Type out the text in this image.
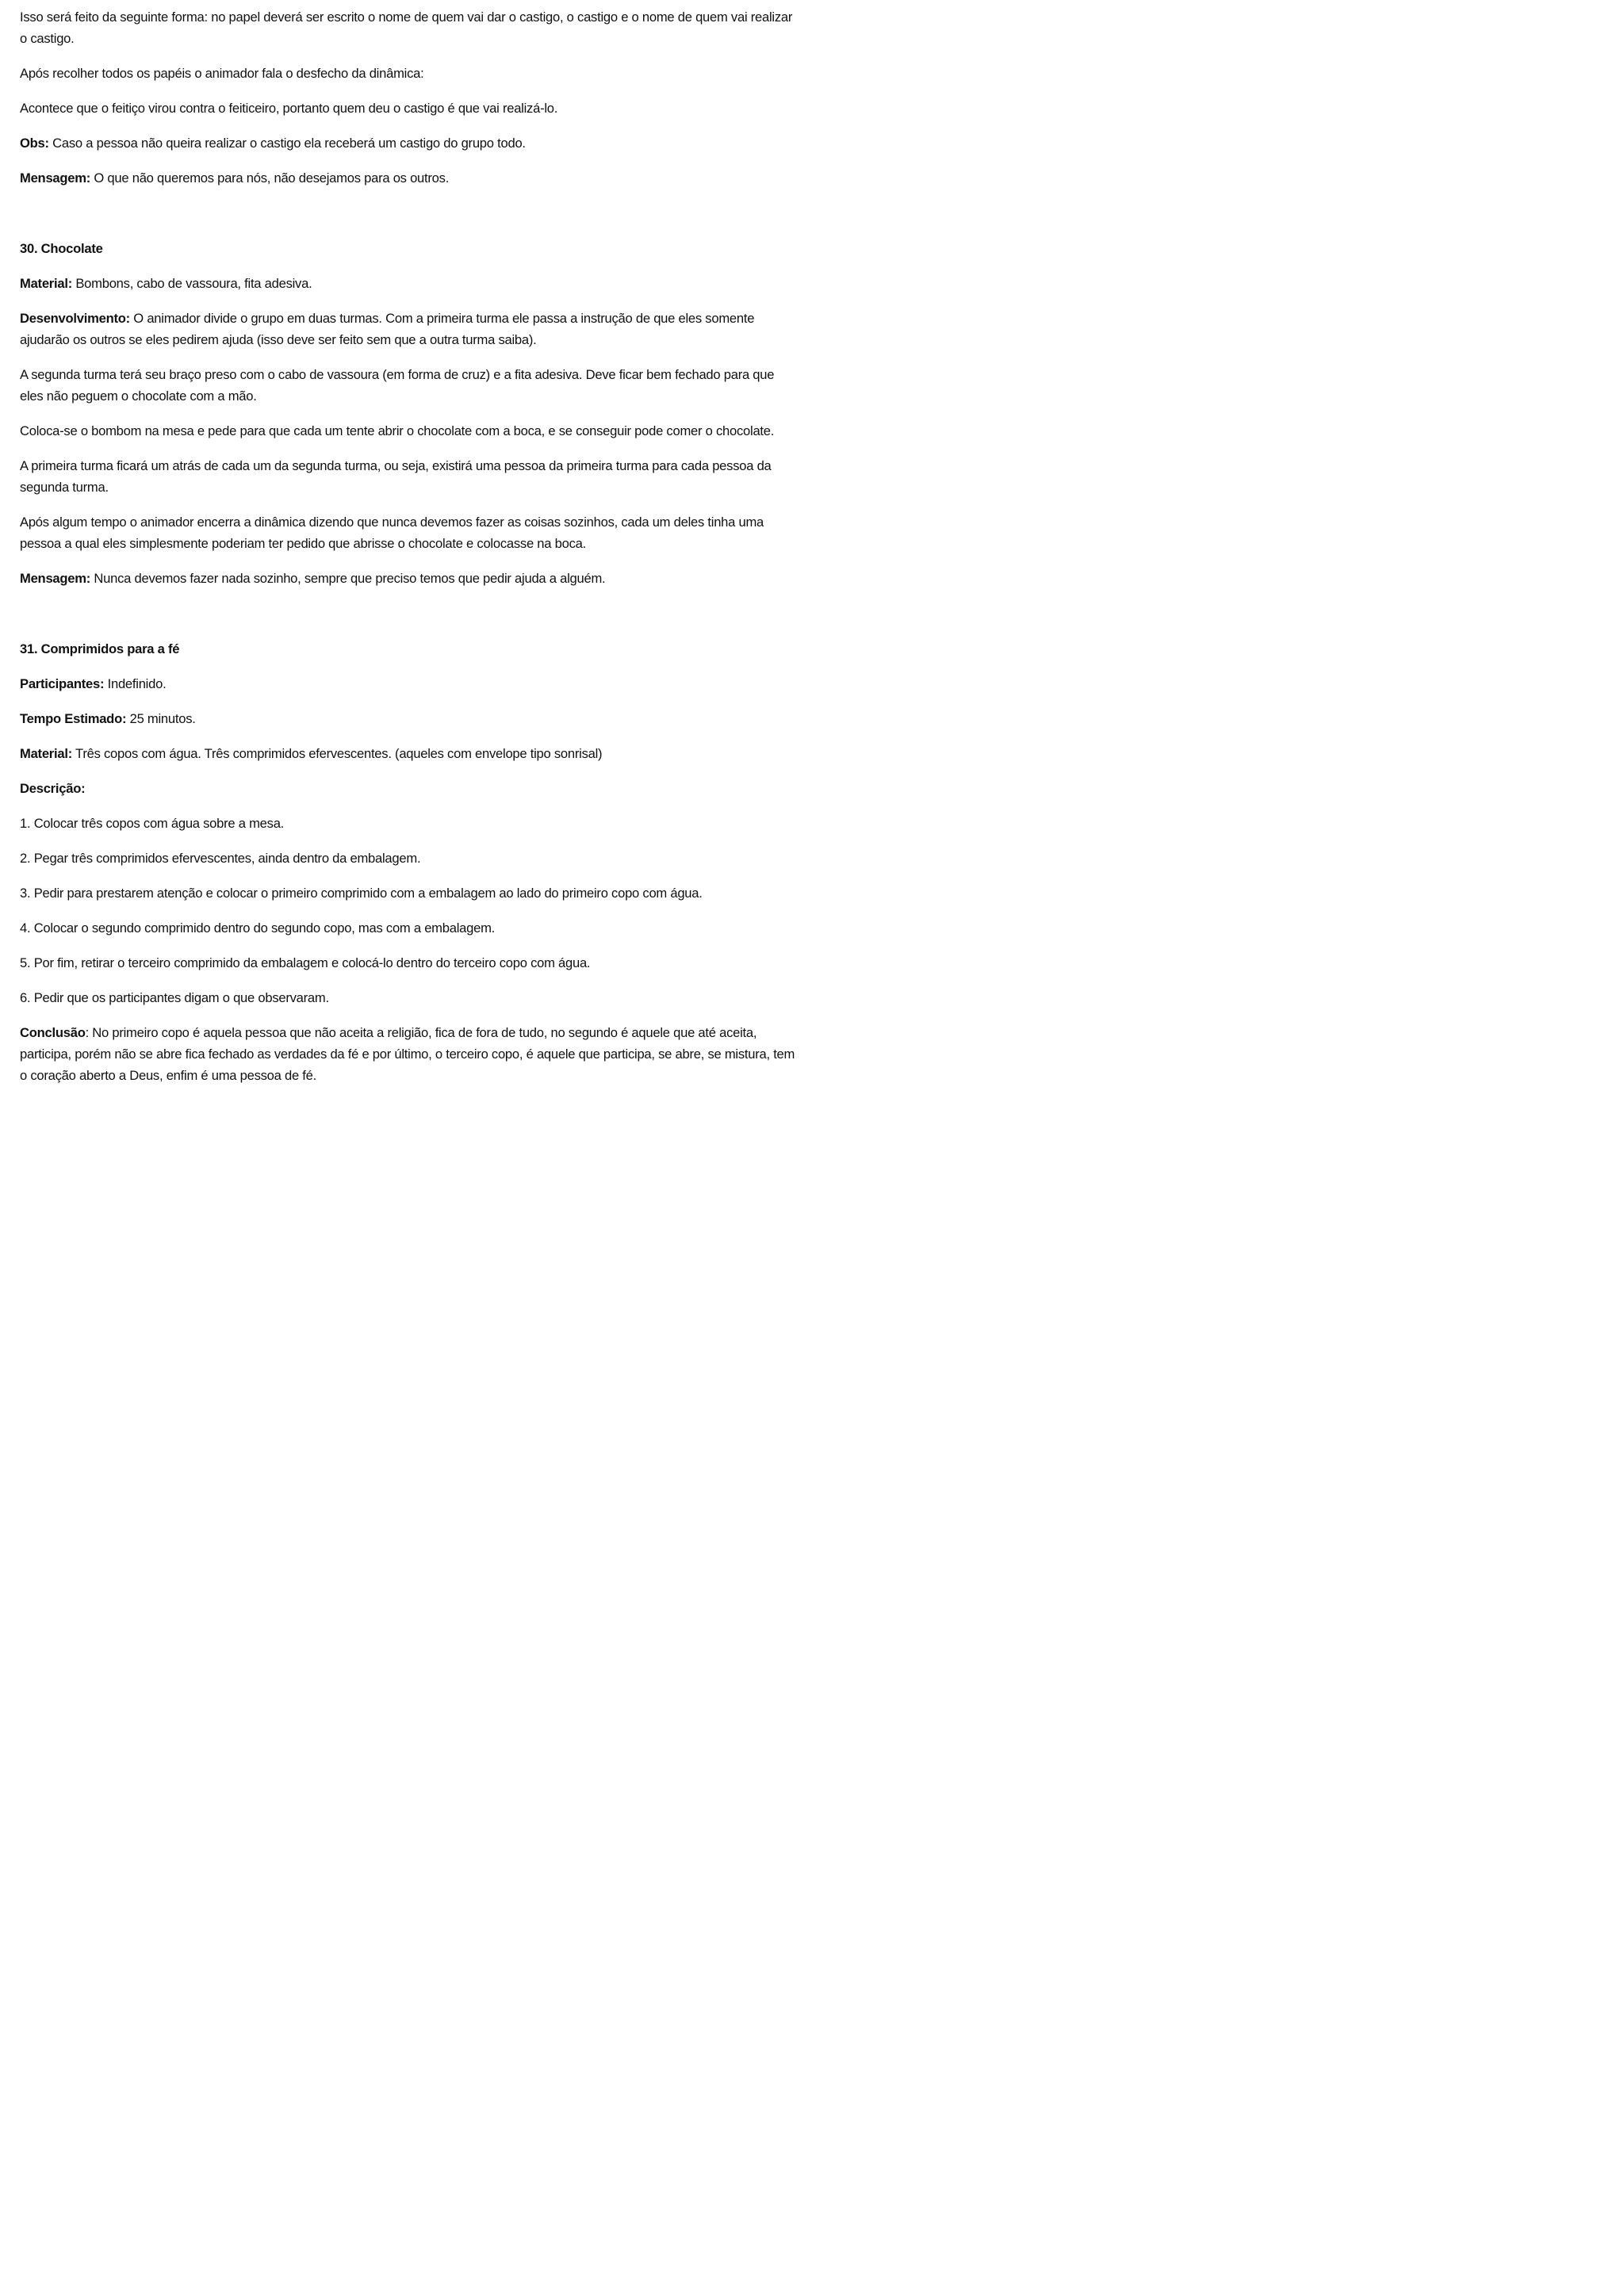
Isso será feito da seguinte forma: no papel deverá ser escrito o nome de quem vai dar o castigo, o castigo e o nome de quem vai realizar o castigo.

Após recolher todos os papéis o animador fala o desfecho da dinâmica:

Acontece que o feitiço virou contra o feiticeiro, portanto quem deu o castigo é que vai realizá-lo.

Obs: Caso a pessoa não queira realizar o castigo ela receberá um castigo do grupo todo.

Mensagem: O que não queremos para nós, não desejamos para os outros.

30. Chocolate

Material: Bombons, cabo de vassoura, fita adesiva.

Desenvolvimento: O animador divide o grupo em duas turmas. Com a primeira turma ele passa a instrução de que eles somente ajudarão os outros se eles pedirem ajuda (isso deve ser feito sem que a outra turma saiba).

A segunda turma terá seu braço preso com o cabo de vassoura (em forma de cruz) e a fita adesiva. Deve ficar bem fechado para que eles não peguem o chocolate com a mão.

Coloca-se o bombom na mesa e pede para que cada um tente abrir o chocolate com a boca, e se conseguir pode comer o chocolate.

A primeira turma ficará um atrás de cada um da segunda turma, ou seja, existirá uma pessoa da primeira turma para cada pessoa da segunda turma.

Após algum tempo o animador encerra a dinâmica dizendo que nunca devemos fazer as coisas sozinhos, cada um deles tinha uma pessoa a qual eles simplesmente poderiam ter pedido que abrisse o chocolate e colocasse na boca.

Mensagem: Nunca devemos fazer nada sozinho, sempre que preciso temos que pedir ajuda a alguém.

31. Comprimidos para a fé

Participantes: Indefinido.

Tempo Estimado: 25 minutos.

Material: Três copos com água. Três comprimidos efervescentes. (aqueles com envelope tipo sonrisal)

Descrição:

1. Colocar três copos com água sobre a mesa.

2. Pegar três comprimidos efervescentes, ainda dentro da embalagem.

3. Pedir para prestarem atenção e colocar o primeiro comprimido com a embalagem ao lado do primeiro copo com água.

4. Colocar o segundo comprimido dentro do segundo copo, mas com a embalagem.

5. Por fim, retirar o terceiro comprimido da embalagem e colocá-lo dentro do terceiro copo com água.

6. Pedir que os participantes digam o que observaram.

Conclusão: No primeiro copo é aquela pessoa que não aceita a religião, fica de fora de tudo, no segundo é aquele que até aceita, participa, porém não se abre fica fechado as verdades da fé e por último, o terceiro copo, é aquele que participa, se abre, se mistura, tem o coração aberto a Deus, enfim é uma pessoa de fé.
